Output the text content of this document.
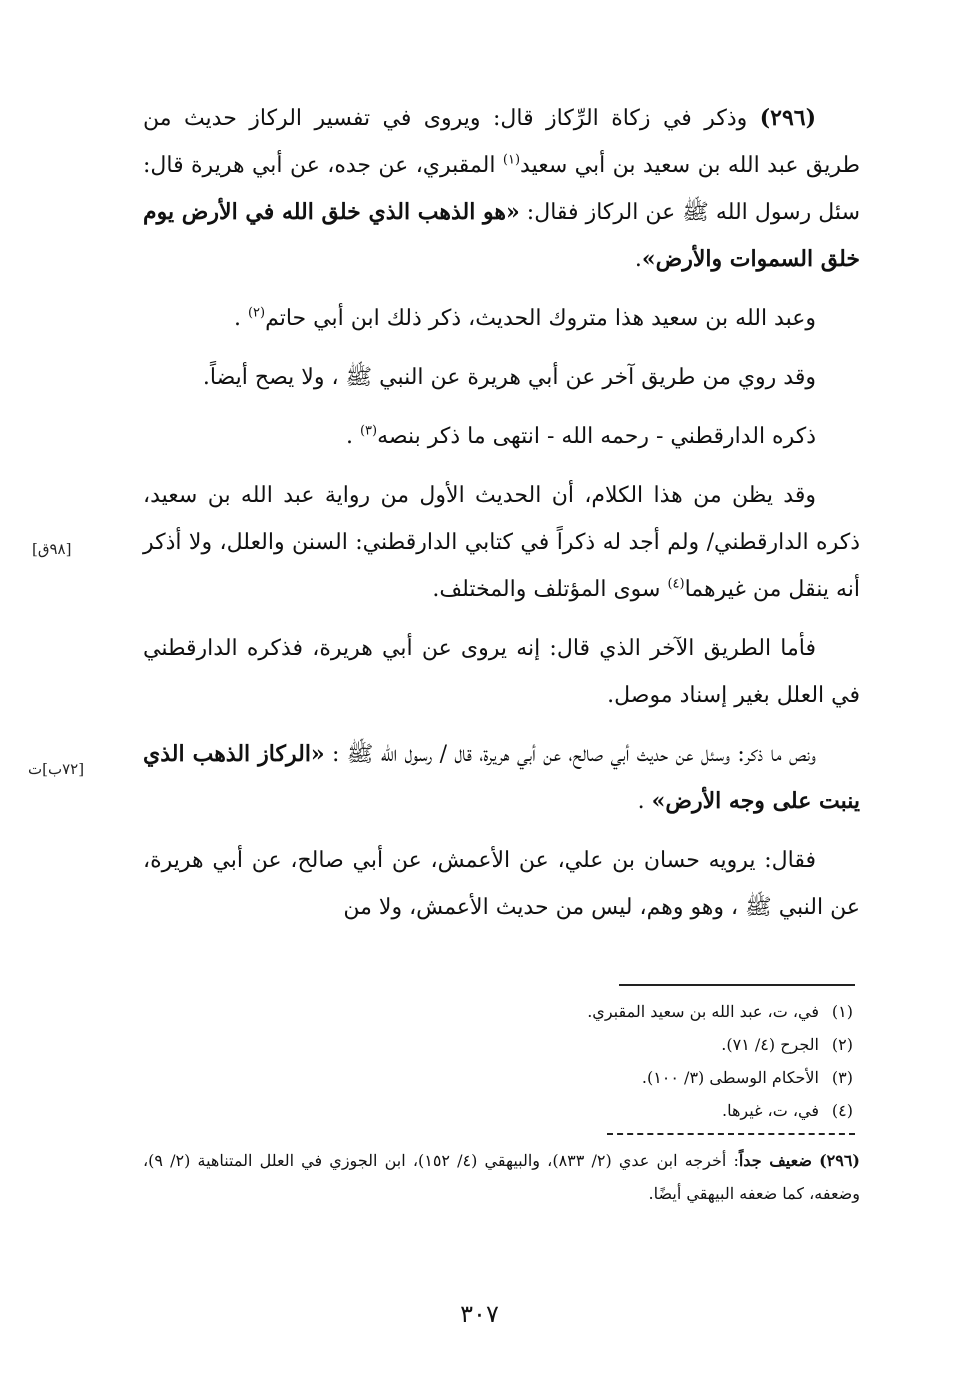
(٢٩٦) وذكر في زكاة الرِّكاز قال: ويروى في تفسير الركاز حديث من طريق عبد الله بن سعيد بن أبي سعيد$^{(١)}$ المقبري، عن جده، عن أبي هريرة قال: سئل رسول الله ﷺ عن الركاز فقال: «هو الذهب الذي خلق الله في الأرض يوم خلق السموات والأرض».

وعبد الله بن سعيد هذا متروك الحديث، ذكر ذلك ابن أبي حاتم$^{(٢)}$ .

وقد روي من طريق آخر عن أبي هريرة عن النبي ﷺ ، ولا يصح أيضاً.

ذكره الدارقطني - رحمه الله - انتهى ما ذكر بنصه$^{(٣)}$ .

وقد يظن من هذا الكلام، أن الحديث الأول من رواية عبد الله بن سعيد، ذكره الدارقطني/ ولم أجد له ذكراً في كتابي الدارقطني: السنن والعلل، ولا أذكر أنه ينقل من غيرهما$^{(٤)}$ سوى المؤتلف والمختلف.

فأما الطريق الآخر الذي قال: إنه يروى عن أبي هريرة، فذكره الدارقطني في العلل بغير إسناد موصل.

ونص ما ذكر: وسئل عن حديث أبي صالح، عن أبي هريرة، قال / رسول الله ﷺ : «الركاز الذهب الذي ينبت على وجه الأرض» .

فقال: يرويه حسان بن علي، عن الأعمش، عن أبي صالح، عن أبي هريرة، عن النبي ﷺ ، وهو وهم، ليس من حديث الأعمش، ولا من

[٩٨ق]
[٧٢ب]ت

(١)في، ت، عبد الله بن سعيد المقبري.

(٢)الجرح (٤/ ٧١).

(٣)الأحكام الوسطى (٣/ ١٠٠).

(٤)في، ت، غيرها.

(٢٩٦) ضعيف جداً: أخرجه ابن عدي (٢/ ٨٣٣)، والبيهقي (٤/ ١٥٢)، ابن الجوزي في العلل المتناهية (٢/ ٩)، وضعفه، كما ضعفه البيهقي أيضًا.
٣٠٧
